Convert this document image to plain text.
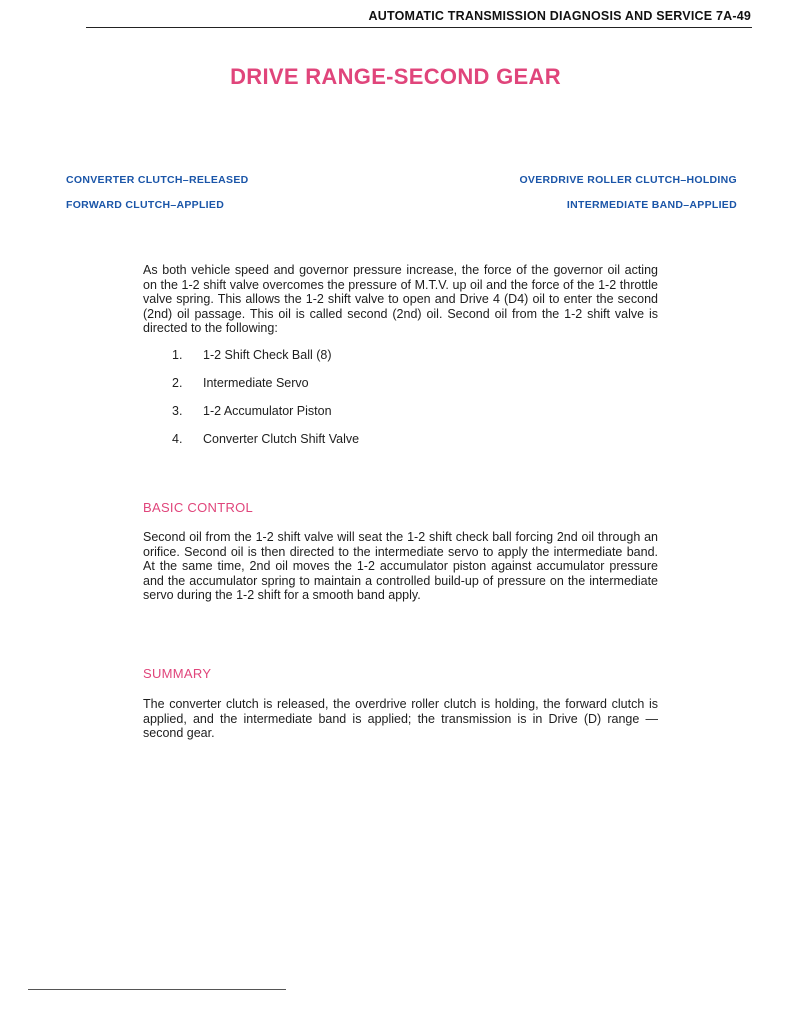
AUTOMATIC TRANSMISSION DIAGNOSIS AND SERVICE 7A-49
DRIVE RANGE-SECOND GEAR
CONVERTER CLUTCH–RELEASED
FORWARD CLUTCH–APPLIED
OVERDRIVE ROLLER CLUTCH–HOLDING
INTERMEDIATE BAND–APPLIED

As both vehicle speed and governor pressure increase, the force of the governor oil acting on the 1-2 shift valve overcomes the pressure of M.T.V. up oil and the force of the 1-2 throttle valve spring. This allows the 1-2 shift valve to open and Drive 4 (D4) oil to enter the second (2nd) oil passage. This oil is called second (2nd) oil. Second oil from the 1-2 shift valve is directed to the following:

1.	1-2 Shift Check Ball (8)
2.	Intermediate Servo
3.	1-2 Accumulator Piston
4.	Converter Clutch Shift Valve
BASIC CONTROL

Second oil from the 1-2 shift valve will seat the 1-2 shift check ball forcing 2nd oil through an orifice. Second oil is then directed to the intermediate servo to apply the intermediate band. At the same time, 2nd oil moves the 1-2 accumulator piston against accumulator pressure and the accumulator spring to maintain a controlled build-up of pressure on the intermediate servo during the 1-2 shift for a smooth band apply.

SUMMARY

The converter clutch is released, the overdrive roller clutch is holding, the forward clutch is applied, and the intermediate band is applied; the transmission is in Drive (D) range — second gear.
